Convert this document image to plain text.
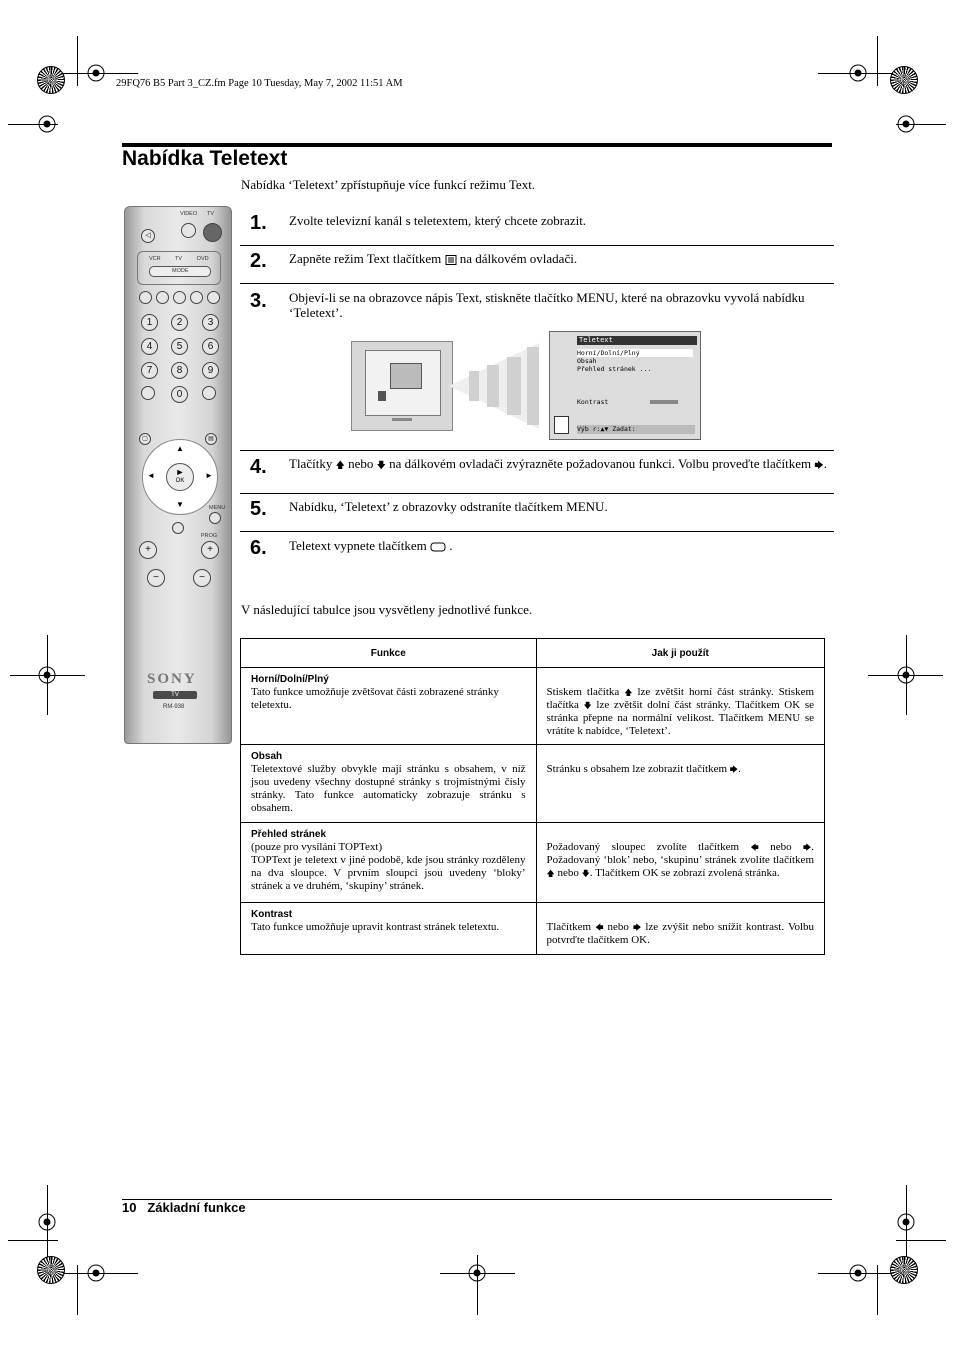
29FQ76 B5 Part 3_CZ.fm Page 10 Tuesday, May 7, 2002 11:51 AM
Nabídka Teletext
Nabídka ‘Teletext’ zpřístupňuje více funkcí režimu Text.
VIDEO TV
◁
VCR	TV	DVD
MODE
1	2	3
4	5	6
7	8	9
0
▢	▤
►
OK
▲
▼
◄	►
MENU
PROG
+	+
−	−
SONY
TV
RM-938
1. Zvolte televizní kanál s teletextem, který chcete zobrazit.
2. Zapněte režim Text tlačítkem na dálkovém ovladači.
3. Objeví-li se na obrazovce nápis Text, stiskněte tlačítko MENU, které na obrazovku vyvolá nabídku ‘Teletext’.
Teletext
Horní/Dolní/Plný
Obsah
Přehled stránek ...
Kontrast
Výb r:▲▼ Zadat:
4. Tlačítky 🡅 nebo 🡇 na dálkovém ovladači zvýrazněte požadovanou funkci. Volbu proveďte tlačítkem 🡆.
5. Nabídku, ‘Teletext’ z obrazovky odstraníte tlačítkem MENU.
6. Teletext vypnete tlačítkem .
V následující tabulce jsou vysvětleny jednotlivé funkce.
Funkce	Jak ji použít

Horní/Dolní/Plný
Tato funkce umožňuje zvětšovat části zobrazené stránky teletextu.	Stiskem tlačítka 🡅 lze zvětšit horní část stránky. Stiskem tlačítka 🡇 lze zvětšit dolní část stránky. Tlačítkem OK se stránka přepne na normální velikost. Tlačítkem MENU se vrátíte k nabídce, ‘Teletext’.

Obsah
Teletextové služby obvykle mají stránku s obsahem, v níž jsou uvedeny všechny dostupné stránky s trojmístnými čísly stránky. Tato funkce automaticky zobrazuje stránku s obsahem.	Stránku s obsahem lze zobrazit tlačítkem 🡆.

Přehled stránek
(pouze pro vysílání TOPText)
TOPText je teletext v jiné podobě, kde jsou stránky rozděleny na dva sloupce. V prvním sloupci jsou uvedeny ‘bloky’ stránek a ve druhém, ‘skupiny’ stránek.	Požadovaný sloupec zvolíte tlačítkem 🡄 nebo 🡆. Požadovaný ‘blok’ nebo, ‘skupinu’ stránek zvolíte tlačítkem 🡅 nebo 🡇. Tlačítkem OK se zobrazí zvolená stránka.

Kontrast
Tato funkce umožňuje upravit kontrast stránek teletextu.	Tlačítkem 🡄 nebo 🡆 lze zvýšit nebo snížit kontrast. Volbu potvrďte tlačítkem OK.
10 Základní funkce
